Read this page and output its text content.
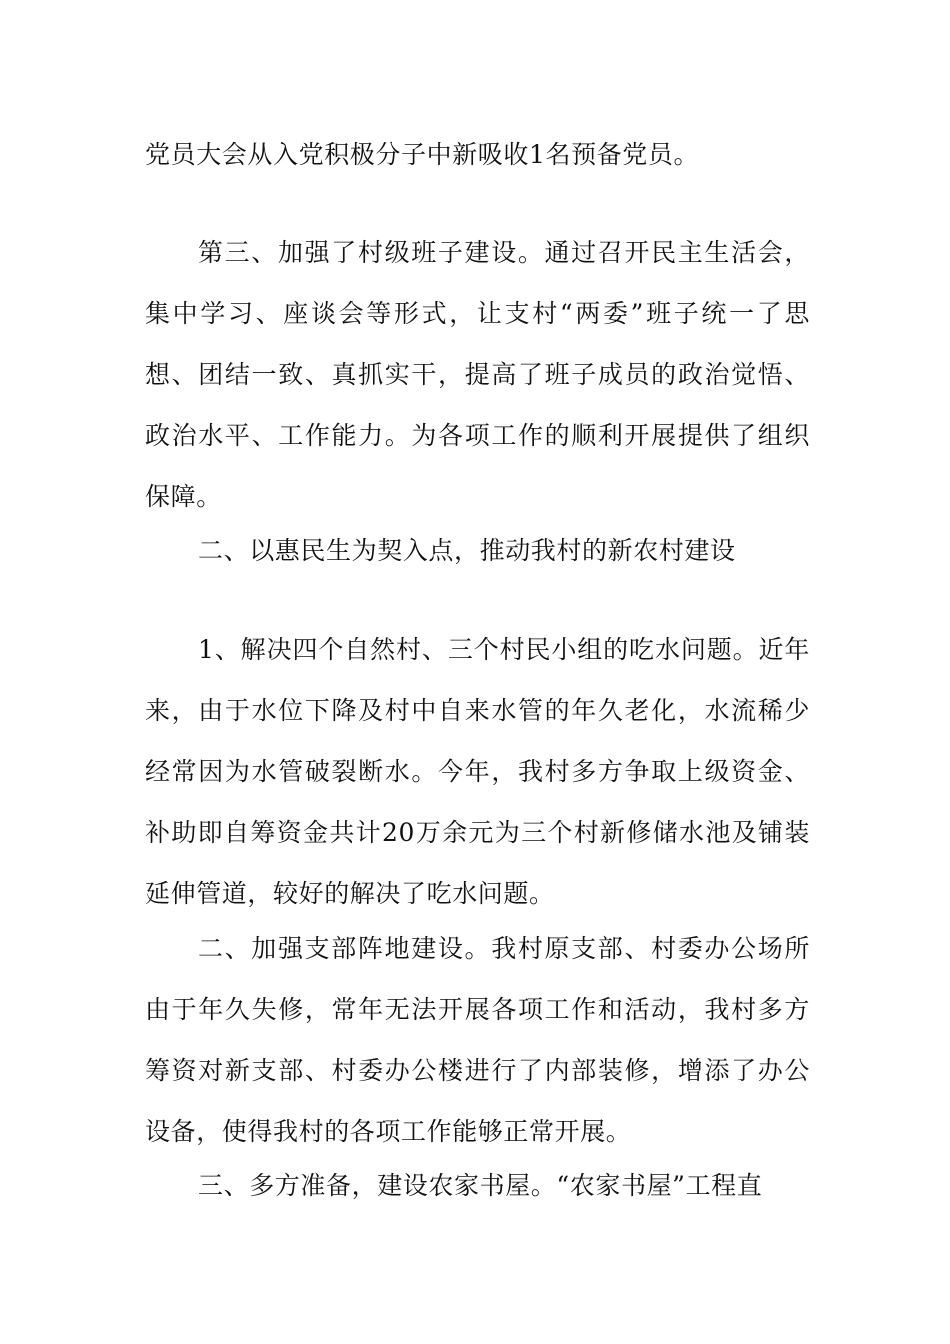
党员大会从入党积极分子中新吸收1名预备党员。

第三、加强了村级班子建设。通过召开民主生活会，集中学习、座谈会等形式，让支村“两委”班子统一了思想、团结一致、真抓实干，提高了班子成员的政治觉悟、政治水平、工作能力。为各项工作的顺利开展提供了组织保障。

二、以惠民生为契入点，推动我村的新农村建设

1、解决四个自然村、三个村民小组的吃水问题。近年来，由于水位下降及村中自来水管的年久老化，水流稀少经常因为水管破裂断水。今年，我村多方争取上级资金、补助即自筹资金共计20万余元为三个村新修储水池及铺装延伸管道，较好的解决了吃水问题。

二、加强支部阵地建设。我村原支部、村委办公场所由于年久失修，常年无法开展各项工作和活动，我村多方筹资对新支部、村委办公楼进行了内部装修，增添了办公设备，使得我村的各项工作能够正常开展。

三、多方准备，建设农家书屋。“农家书屋”工程直
